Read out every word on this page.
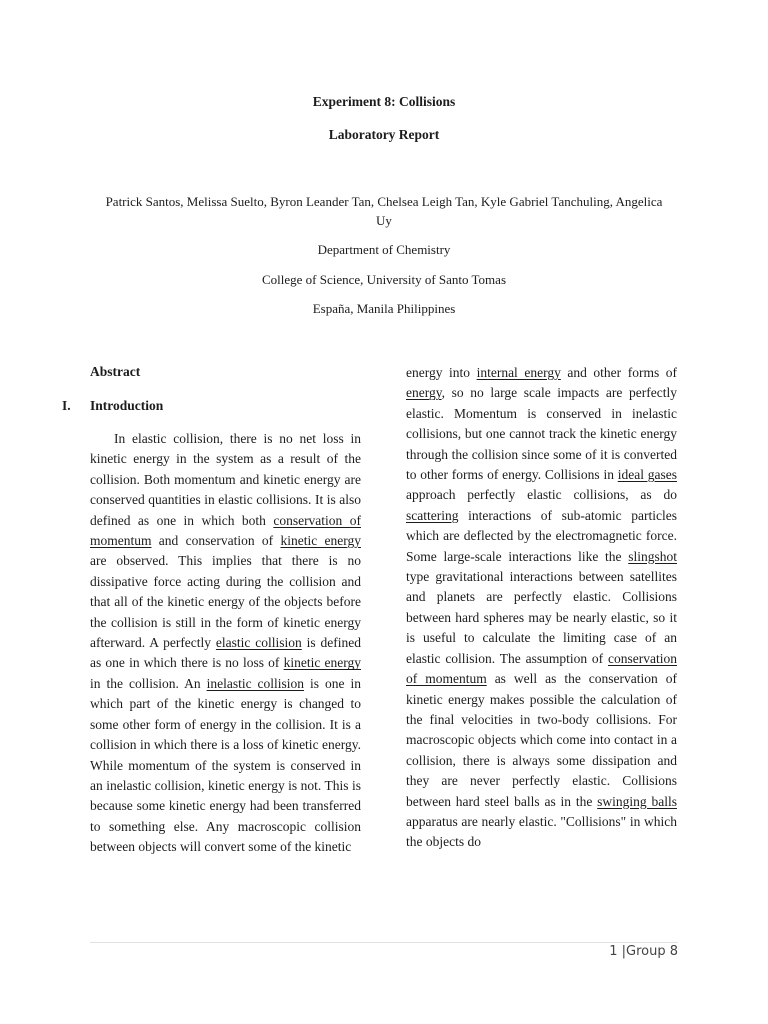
Experiment 8: Collisions
Laboratory Report
Patrick Santos, Melissa Suelto, Byron Leander Tan, Chelsea Leigh Tan, Kyle Gabriel Tanchuling, Angelica Uy
Department of Chemistry
College of Science, University of Santo Tomas
España, Manila Philippines
Abstract
I. Introduction

In elastic collision, there is no net loss in kinetic energy in the system as a result of the collision. Both momentum and kinetic energy are conserved quantities in elastic collisions. It is also defined as one in which both conservation of momentum and conservation of kinetic energy are observed. This implies that there is no dissipative force acting during the collision and that all of the kinetic energy of the objects before the collision is still in the form of kinetic energy afterward. A perfectly elastic collision is defined as one in which there is no loss of kinetic energy in the collision. An inelastic collision is one in which part of the kinetic energy is changed to some other form of energy in the collision. It is a collision in which there is a loss of kinetic energy. While momentum of the system is conserved in an inelastic collision, kinetic energy is not. This is because some kinetic energy had been transferred to something else. Any macroscopic collision between objects will convert some of the kinetic

energy into internal energy and other forms of energy, so no large scale impacts are perfectly elastic. Momentum is conserved in inelastic collisions, but one cannot track the kinetic energy through the collision since some of it is converted to other forms of energy. Collisions in ideal gases approach perfectly elastic collisions, as do scattering interactions of sub-atomic particles which are deflected by the electromagnetic force. Some large-scale interactions like the slingshot type gravitational interactions between satellites and planets are perfectly elastic. Collisions between hard spheres may be nearly elastic, so it is useful to calculate the limiting case of an elastic collision. The assumption of conservation of momentum as well as the conservation of kinetic energy makes possible the calculation of the final velocities in two-body collisions. For macroscopic objects which come into contact in a collision, there is always some dissipation and they are never perfectly elastic. Collisions between hard steel balls as in the swinging balls apparatus are nearly elastic. "Collisions" in which the objects do

1 |Group 8
